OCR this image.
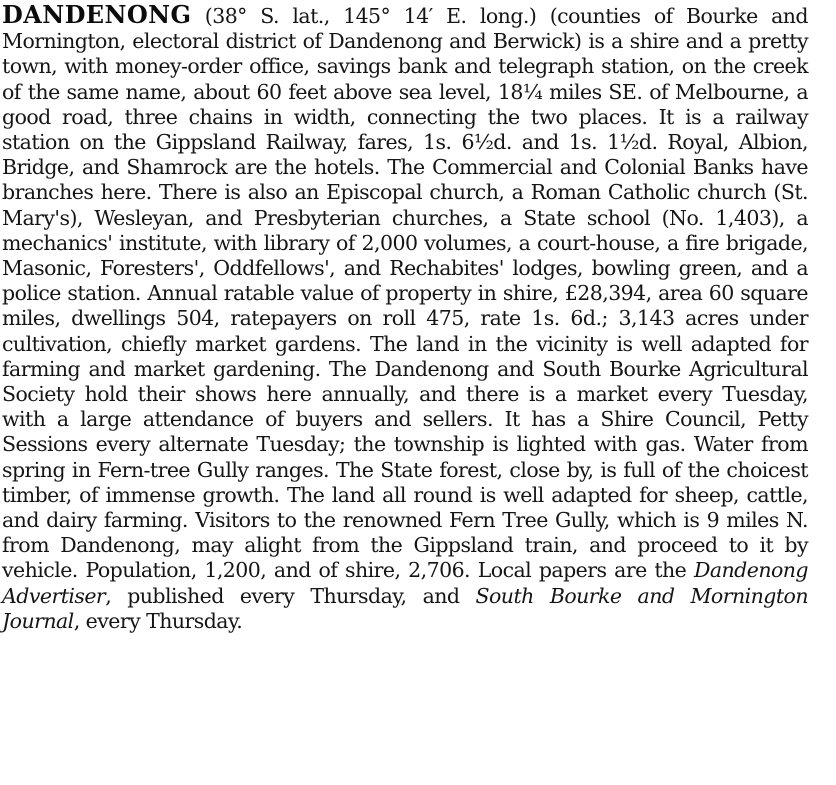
DANDENONG (38° S. lat., 145° 14′ E. long.) (counties of Bourke and Mornington, electoral district of Dandenong and Berwick) is a shire and a pretty town, with money-order office, savings bank and telegraph station, on the creek of the same name, about 60 feet above sea level, 18¼ miles SE. of Melbourne, a good road, three chains in width, connecting the two places. It is a railway station on the Gippsland Railway, fares, 1s. 6½d. and 1s. 1½d. Royal, Albion, Bridge, and Shamrock are the hotels. The Commercial and Colonial Banks have branches here. There is also an Episcopal church, a Roman Catholic church (St. Mary's), Wesleyan, and Presbyterian churches, a State school (No. 1,403), a mechanics' institute, with library of 2,000 volumes, a court-house, a fire brigade, Masonic, Foresters', Oddfellows', and Rechabites' lodges, bowling green, and a police station. Annual ratable value of property in shire, £28,394, area 60 square miles, dwellings 504, ratepayers on roll 475, rate 1s. 6d.; 3,143 acres under cultivation, chiefly market gardens. The land in the vicinity is well adapted for farming and market gardening. The Dandenong and South Bourke Agricultural Society hold their shows here annually, and there is a market every Tuesday, with a large attendance of buyers and sellers. It has a Shire Council, Petty Sessions every alternate Tuesday; the township is lighted with gas. Water from spring in Fern-tree Gully ranges. The State forest, close by, is full of the choicest timber, of immense growth. The land all round is well adapted for sheep, cattle, and dairy farming. Visitors to the renowned Fern Tree Gully, which is 9 miles N. from Dandenong, may alight from the Gippsland train, and proceed to it by vehicle. Population, 1,200, and of shire, 2,706. Local papers are the Dandenong Advertiser, published every Thursday, and South Bourke and Mornington Journal, every Thursday.
